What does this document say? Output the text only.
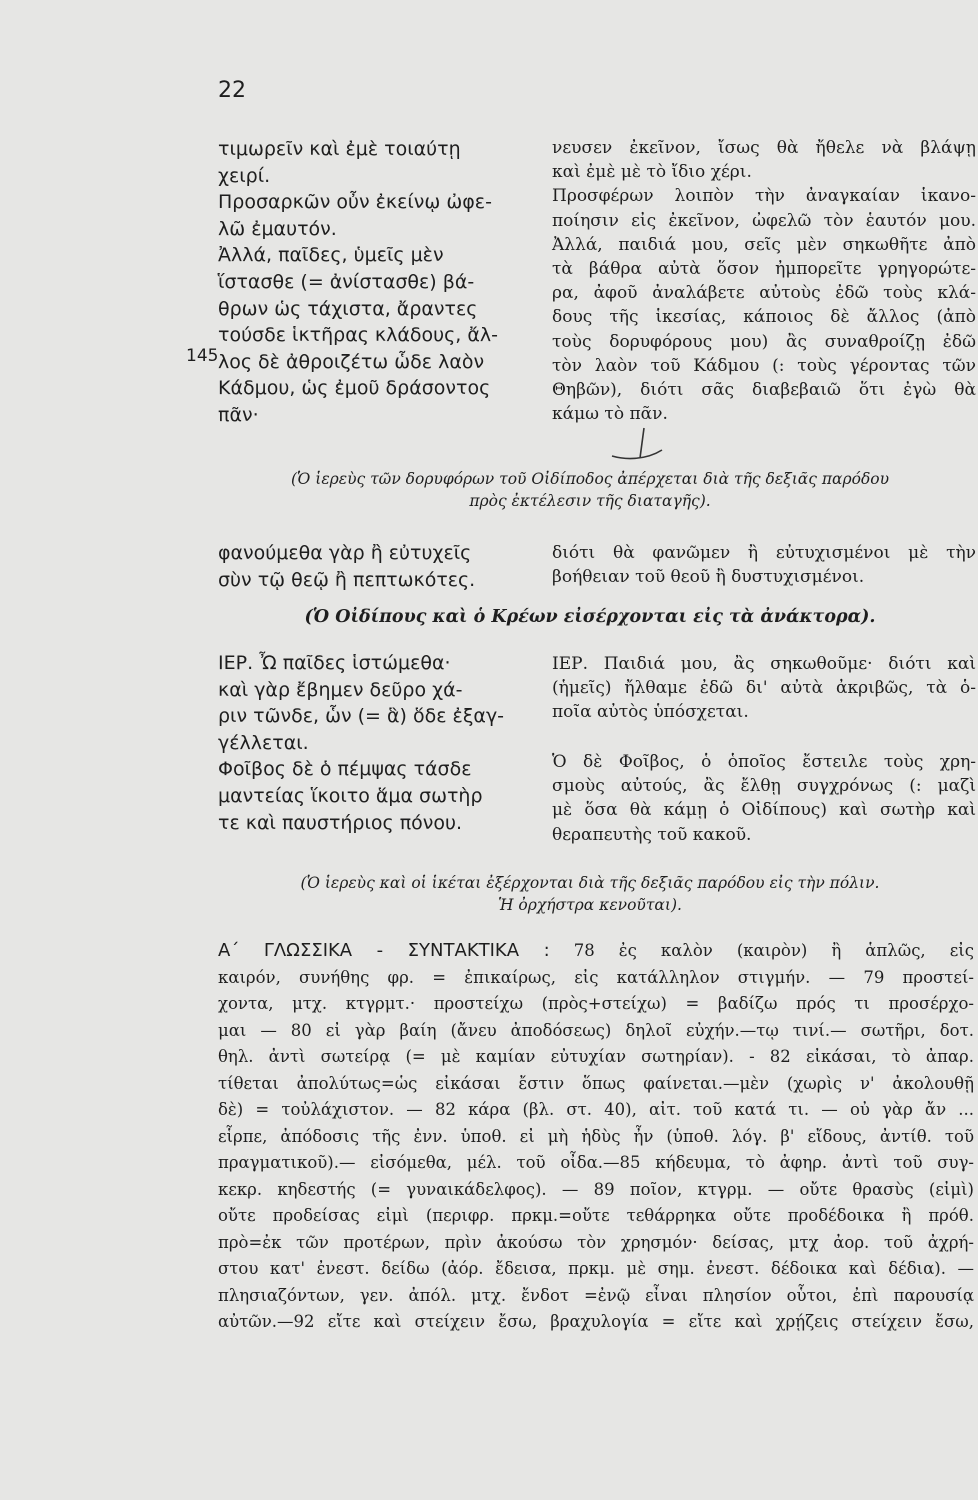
22
145
τιμωρεῖν καὶ ἐμὲ τοιαύτῃ
χειρί.
Προσαρκῶν οὖν ἐκείνῳ ὠφε-
λῶ ἐμαυτόν.
Ἀλλά, παῖδες, ὑμεῖς μὲν
ἵστασθε (= ἀνίστασθε) βά-
θρων ὡς τάχιστα, ἄραντες
τούσδε ἱκτῆρας κλάδους, ἄλ-
λος δὲ ἀθροιζέτω ὧδε λαὸν
Κάδμου, ὡς ἐμοῦ δράσοντος
πᾶν·
νευσεν ἐκεῖνον, ἴσως θὰ ἤθελε νὰ βλάψῃ
καὶ ἐμὲ μὲ τὸ ἴδιο χέρι.
Προσφέρων λοιπὸν τὴν ἀναγκαίαν ἱκανο-
ποίησιν εἰς ἐκεῖνον, ὠφελῶ τὸν ἑαυτόν μου.
Ἀλλά, παιδιά μου, σεῖς μὲν σηκωθῆτε ἀπὸ
τὰ βάθρα αὐτὰ ὅσον ἠμπορεῖτε γρηγορώτε-
ρα, ἀφοῦ ἀναλάβετε αὐτοὺς ἐδῶ τοὺς κλά-
δους τῆς ἱκεσίας, κάποιος δὲ ἄλλος (ἀπὸ
τοὺς δορυφόρους μου) ἂς συναθροίζῃ ἐδῶ
τὸν λαὸν τοῦ Κάδμου (: τοὺς γέροντας τῶν
Θηβῶν), διότι σᾶς διαβεβαιῶ ὅτι ἐγὼ θὰ
κάμω τὸ πᾶν.
(Ὁ ἱερεὺς τῶν δορυφόρων τοῦ Οἰδίποδος ἀπέρχεται διὰ τῆς δεξιᾶς παρόδου
πρὸς ἐκτέλεσιν τῆς διαταγῆς).
φανούμεθα γὰρ ἢ εὐτυχεῖς
σὺν τῷ θεῷ ἢ πεπτωκότες.
διότι θὰ φανῶμεν ἢ εὐτυχισμένοι μὲ τὴν
βοήθειαν τοῦ θεοῦ ἢ δυστυχισμένοι.
(Ὁ Οἰδίπους καὶ ὁ Κρέων εἰσέρχονται εἰς τὰ ἀνάκτορα).
ΙΕΡ. Ὦ παῖδες ἱστώμεθα·
καὶ γὰρ ἔβημεν δεῦρο χά-
ριν τῶνδε, ὧν (= ἃ) ὅδε ἐξαγ-
γέλλεται.
Φοῖβος δὲ ὁ πέμψας τάσδε
μαντείας ἵκοιτο ἅμα σωτὴρ
τε καὶ παυστήριος πόνου.
ΙΕΡ. Παιδιά μου, ἂς σηκωθοῦμε· διότι καὶ
(ἡμεῖς) ἤλθαμε ἐδῶ δι' αὐτὰ ἀκριβῶς, τὰ ὁ-
ποῖα αὐτὸς ὑπόσχεται.
Ὁ δὲ Φοῖβος, ὁ ὁποῖος ἔστειλε τοὺς χρη-
σμοὺς αὐτούς, ἂς ἔλθῃ συγχρόνως (: μαζὶ
μὲ ὅσα θὰ κάμῃ ὁ Οἰδίπους) καὶ σωτὴρ καὶ
θεραπευτὴς τοῦ κακοῦ.
(Ὁ ἱερεὺς καὶ οἱ ἱκέται ἐξέρχονται διὰ τῆς δεξιᾶς παρόδου εἰς τὴν πόλιν.
Ἡ ὀρχήστρα κενοῦται).
Α΄ ΓΛΩΣΣΙΚΑ - ΣΥΝΤΑΚΤΙΚΑ : 78 ἐς καλὸν (καιρὸν) ἢ ἁπλῶς, εἰς
καιρόν, συνήθης φρ. = ἐπικαίρως, εἰς κατάλληλον στιγμήν. — 79 προστεί-
χοντα, μτχ. κτγρμτ.· προστείχω (πρὸς+στείχω) = βαδίζω πρός τι προσέρχο-
μαι — 80 εἰ γὰρ βαίη (ἄνευ ἀποδόσεως) δηλοῖ εὐχήν.—τῳ τινί.— σωτῆρι, δοτ.
θηλ. ἀντὶ σωτείρᾳ (= μὲ καμίαν εὐτυχίαν σωτηρίαν). - 82 εἰκάσαι, τὸ ἀπαρ.
τίθεται ἀπολύτως=ὡς εἰκάσαι ἔστιν ὅπως φαίνεται.—μὲν (χωρὶς ν' ἀκολουθῇ
δὲ) = τοὐλάχιστον. — 82 κάρα (βλ. στ. 40), αἰτ. τοῦ κατά τι. — οὐ γὰρ ἄν ...
εἷρπε, ἀπόδοσις τῆς ἐνν. ὑποθ. εἰ μὴ ἡδὺς ἦν (ὑποθ. λόγ. β' εἴδους, ἀντίθ. τοῦ
πραγματικοῦ).— εἰσόμεθα, μέλ. τοῦ οἶδα.—85 κήδευμα, τὸ ἀφηρ. ἀντὶ τοῦ συγ-
κεκρ. κηδεστής (= γυναικάδελφος). — 89 ποῖον, κτγρμ. — οὔτε θρασὺς (εἰμὶ)
οὔτε προδείσας εἰμὶ (περιφρ. πρκμ.=οὔτε τεθάρρηκα οὔτε προδέδοικα ἢ πρόθ.
πρὸ=ἐκ τῶν προτέρων, πρὶν ἀκούσω τὸν χρησμόν· δείσας, μτχ ἀορ. τοῦ ἀχρή-
στου κατ' ἐνεστ. δείδω (ἀόρ. ἔδεισα, πρκμ. μὲ σημ. ἐνεστ. δέδοικα καὶ δέδια). —
πλησιαζόντων, γεν. ἀπόλ. μτχ. ἔνδοτ =ἐνῷ εἶναι πλησίον οὗτοι, ἐπὶ παρουσίᾳ
αὐτῶν.—92 εἴτε καὶ στείχειν ἔσω, βραχυλογία = εἴτε καὶ χρῄζεις στείχειν ἔσω,
